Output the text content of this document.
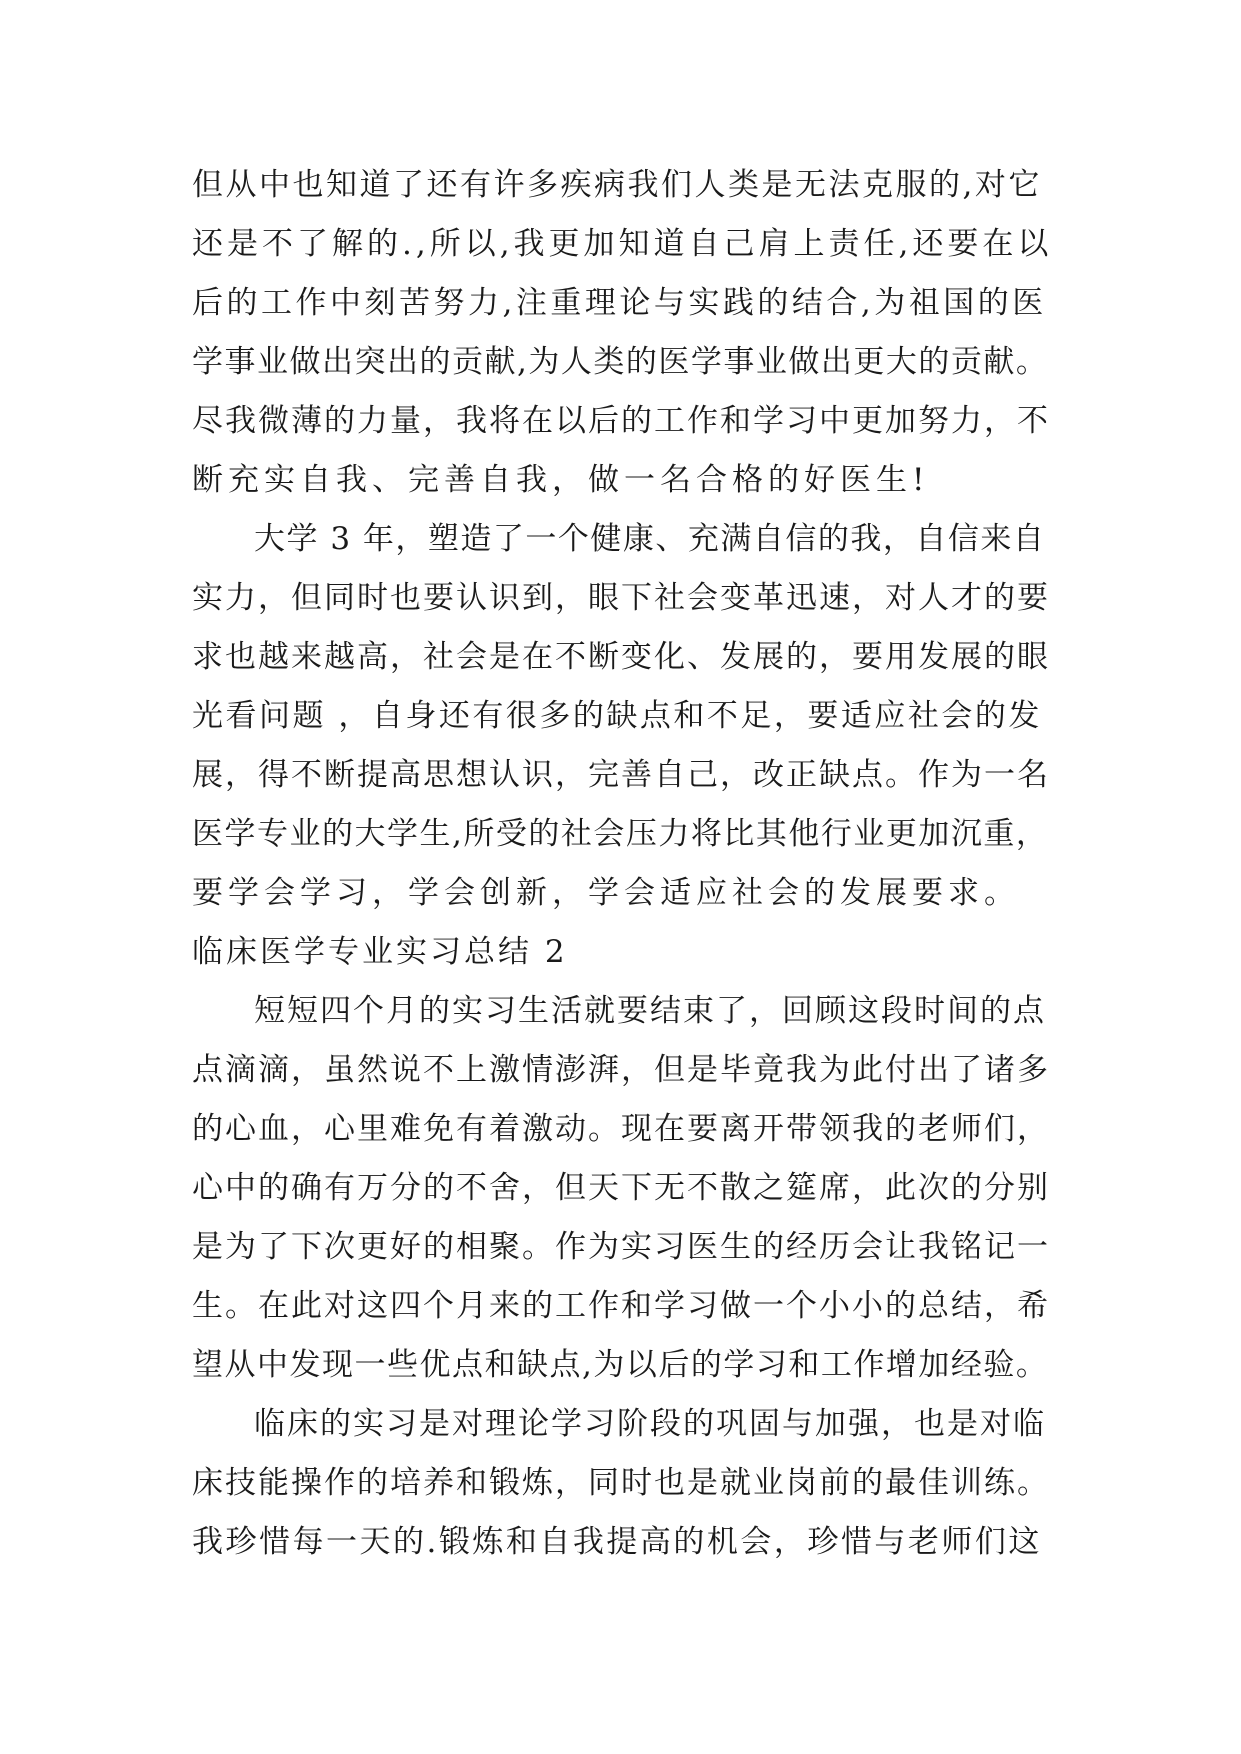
但从中也知道了还有许多疾病我们人类是无法克服的,对它
还是不了解的.,所以,我更加知道自己肩上责任,还要在以
后的工作中刻苦努力,注重理论与实践的结合,为祖国的医
学事业做出突出的贡献,为人类的医学事业做出更大的贡献。
尽我微薄的力量，我将在以后的工作和学习中更加努力，不
断充实自我、完善自我，做一名合格的好医生!
大学 3 年，塑造了一个健康、充满自信的我，自信来自
实力，但同时也要认识到，眼下社会变革迅速，对人才的要
求也越来越高，社会是在不断变化、发展的，要用发展的眼
光看问题 ，自身还有很多的缺点和不足，要适应社会的发
展，得不断提高思想认识，完善自己，改正缺点。作为一名
医学专业的大学生,所受的社会压力将比其他行业更加沉重，
要学会学习，学会创新，学会适应社会的发展要求。
临床医学专业实习总结 2
短短四个月的实习生活就要结束了，回顾这段时间的点
点滴滴，虽然说不上激情澎湃，但是毕竟我为此付出了诸多
的心血，心里难免有着激动。现在要离开带领我的老师们，
心中的确有万分的不舍，但天下无不散之筵席，此次的分别
是为了下次更好的相聚。作为实习医生的经历会让我铭记一
生。在此对这四个月来的工作和学习做一个小小的总结，希
望从中发现一些优点和缺点,为以后的学习和工作增加经验。
临床的实习是对理论学习阶段的巩固与加强，也是对临
床技能操作的培养和锻炼，同时也是就业岗前的最佳训练。
我珍惜每一天的.锻炼和自我提高的机会，珍惜与老师们这
